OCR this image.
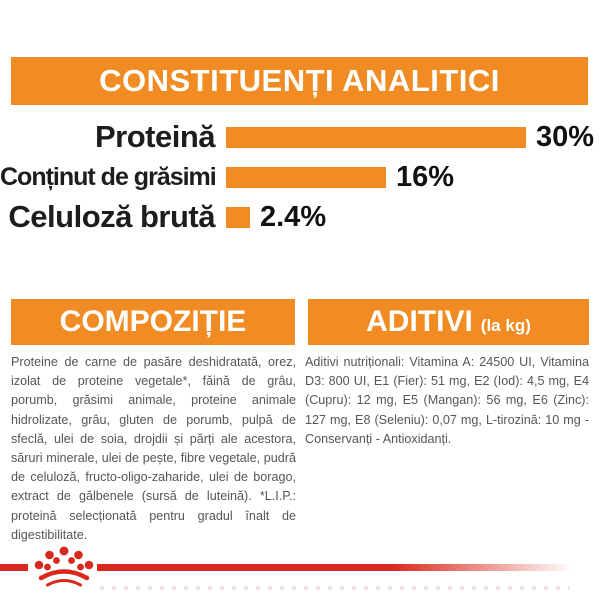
CONSTITUENȚI ANALITICI
Proteină	30%
Conținut de grăsimi	16%
Celuloză brută 2.4%
COMPOZIȚIE	ADITIVI (la kg)
Proteine de carne de pasăre deshidratată, orez, izolat de proteine vegetale*, făină de grâu, porumb, grăsimi animale, proteine animale hidrolizate, grâu, gluten de porumb, pulpă de sfeclă, ulei de soia, drojdii și părți ale acestora, săruri minerale, ulei de pește, fibre vegetale, pudră de celuloză, fructo-oligo-zaharide, ulei de borago, extract de gălbenele (sursă de luteină). *L.I.P.: proteină selecționată pentru gradul înalt de digestibilitate.
Aditivi nutriționali: Vitamina A: 24500 UI, Vitamina D3: 800 UI, E1 (Fier): 51 mg, E2 (Iod): 4,5 mg, E4 (Cupru): 12 mg, E5 (Mangan): 56 mg, E6 (Zinc): 127 mg, E8 (Seleniu): 0,07 mg, L-tirozină: 10 mg - Conservanți - Antioxidanți.
